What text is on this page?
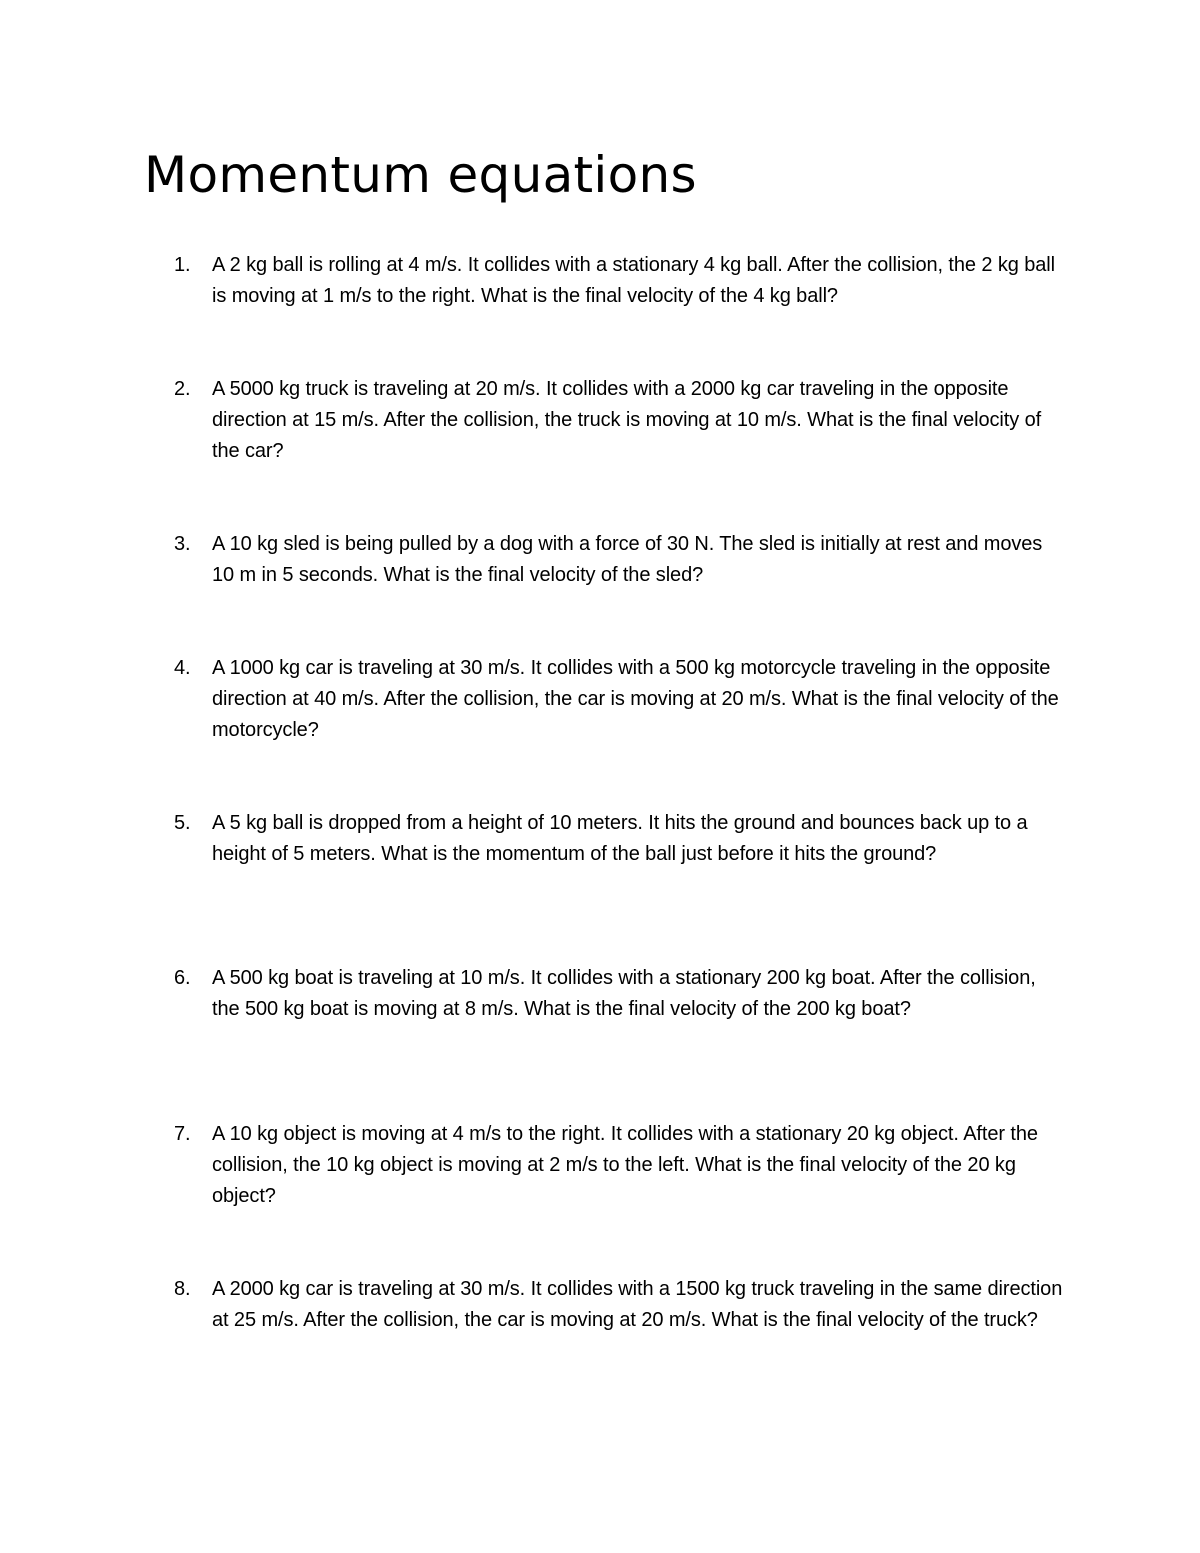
Momentum equations
1.	A 2 kg ball is rolling at 4 m/s. It collides with a stationary 4 kg ball. After the collision, the 2 kg ball is moving at 1 m/s to the right. What is the final velocity of the 4 kg ball?
2.	A 5000 kg truck is traveling at 20 m/s. It collides with a 2000 kg car traveling in the opposite direction at 15 m/s. After the collision, the truck is moving at 10 m/s. What is the final velocity of the car?
3.	A 10 kg sled is being pulled by a dog with a force of 30 N. The sled is initially at rest and moves 10 m in 5 seconds. What is the final velocity of the sled?
4.	A 1000 kg car is traveling at 30 m/s. It collides with a 500 kg motorcycle traveling in the opposite direction at 40 m/s. After the collision, the car is moving at 20 m/s. What is the final velocity of the motorcycle?
5.	A 5 kg ball is dropped from a height of 10 meters. It hits the ground and bounces back up to a height of 5 meters. What is the momentum of the ball just before it hits the ground?
6.	A 500 kg boat is traveling at 10 m/s. It collides with a stationary 200 kg boat. After the collision, the 500 kg boat is moving at 8 m/s. What is the final velocity of the 200 kg boat?
7.	A 10 kg object is moving at 4 m/s to the right. It collides with a stationary 20 kg object. After the collision, the 10 kg object is moving at 2 m/s to the left. What is the final velocity of the 20 kg object?
8.	A 2000 kg car is traveling at 30 m/s. It collides with a 1500 kg truck traveling in the same direction at 25 m/s. After the collision, the car is moving at 20 m/s. What is the final velocity of the truck?
